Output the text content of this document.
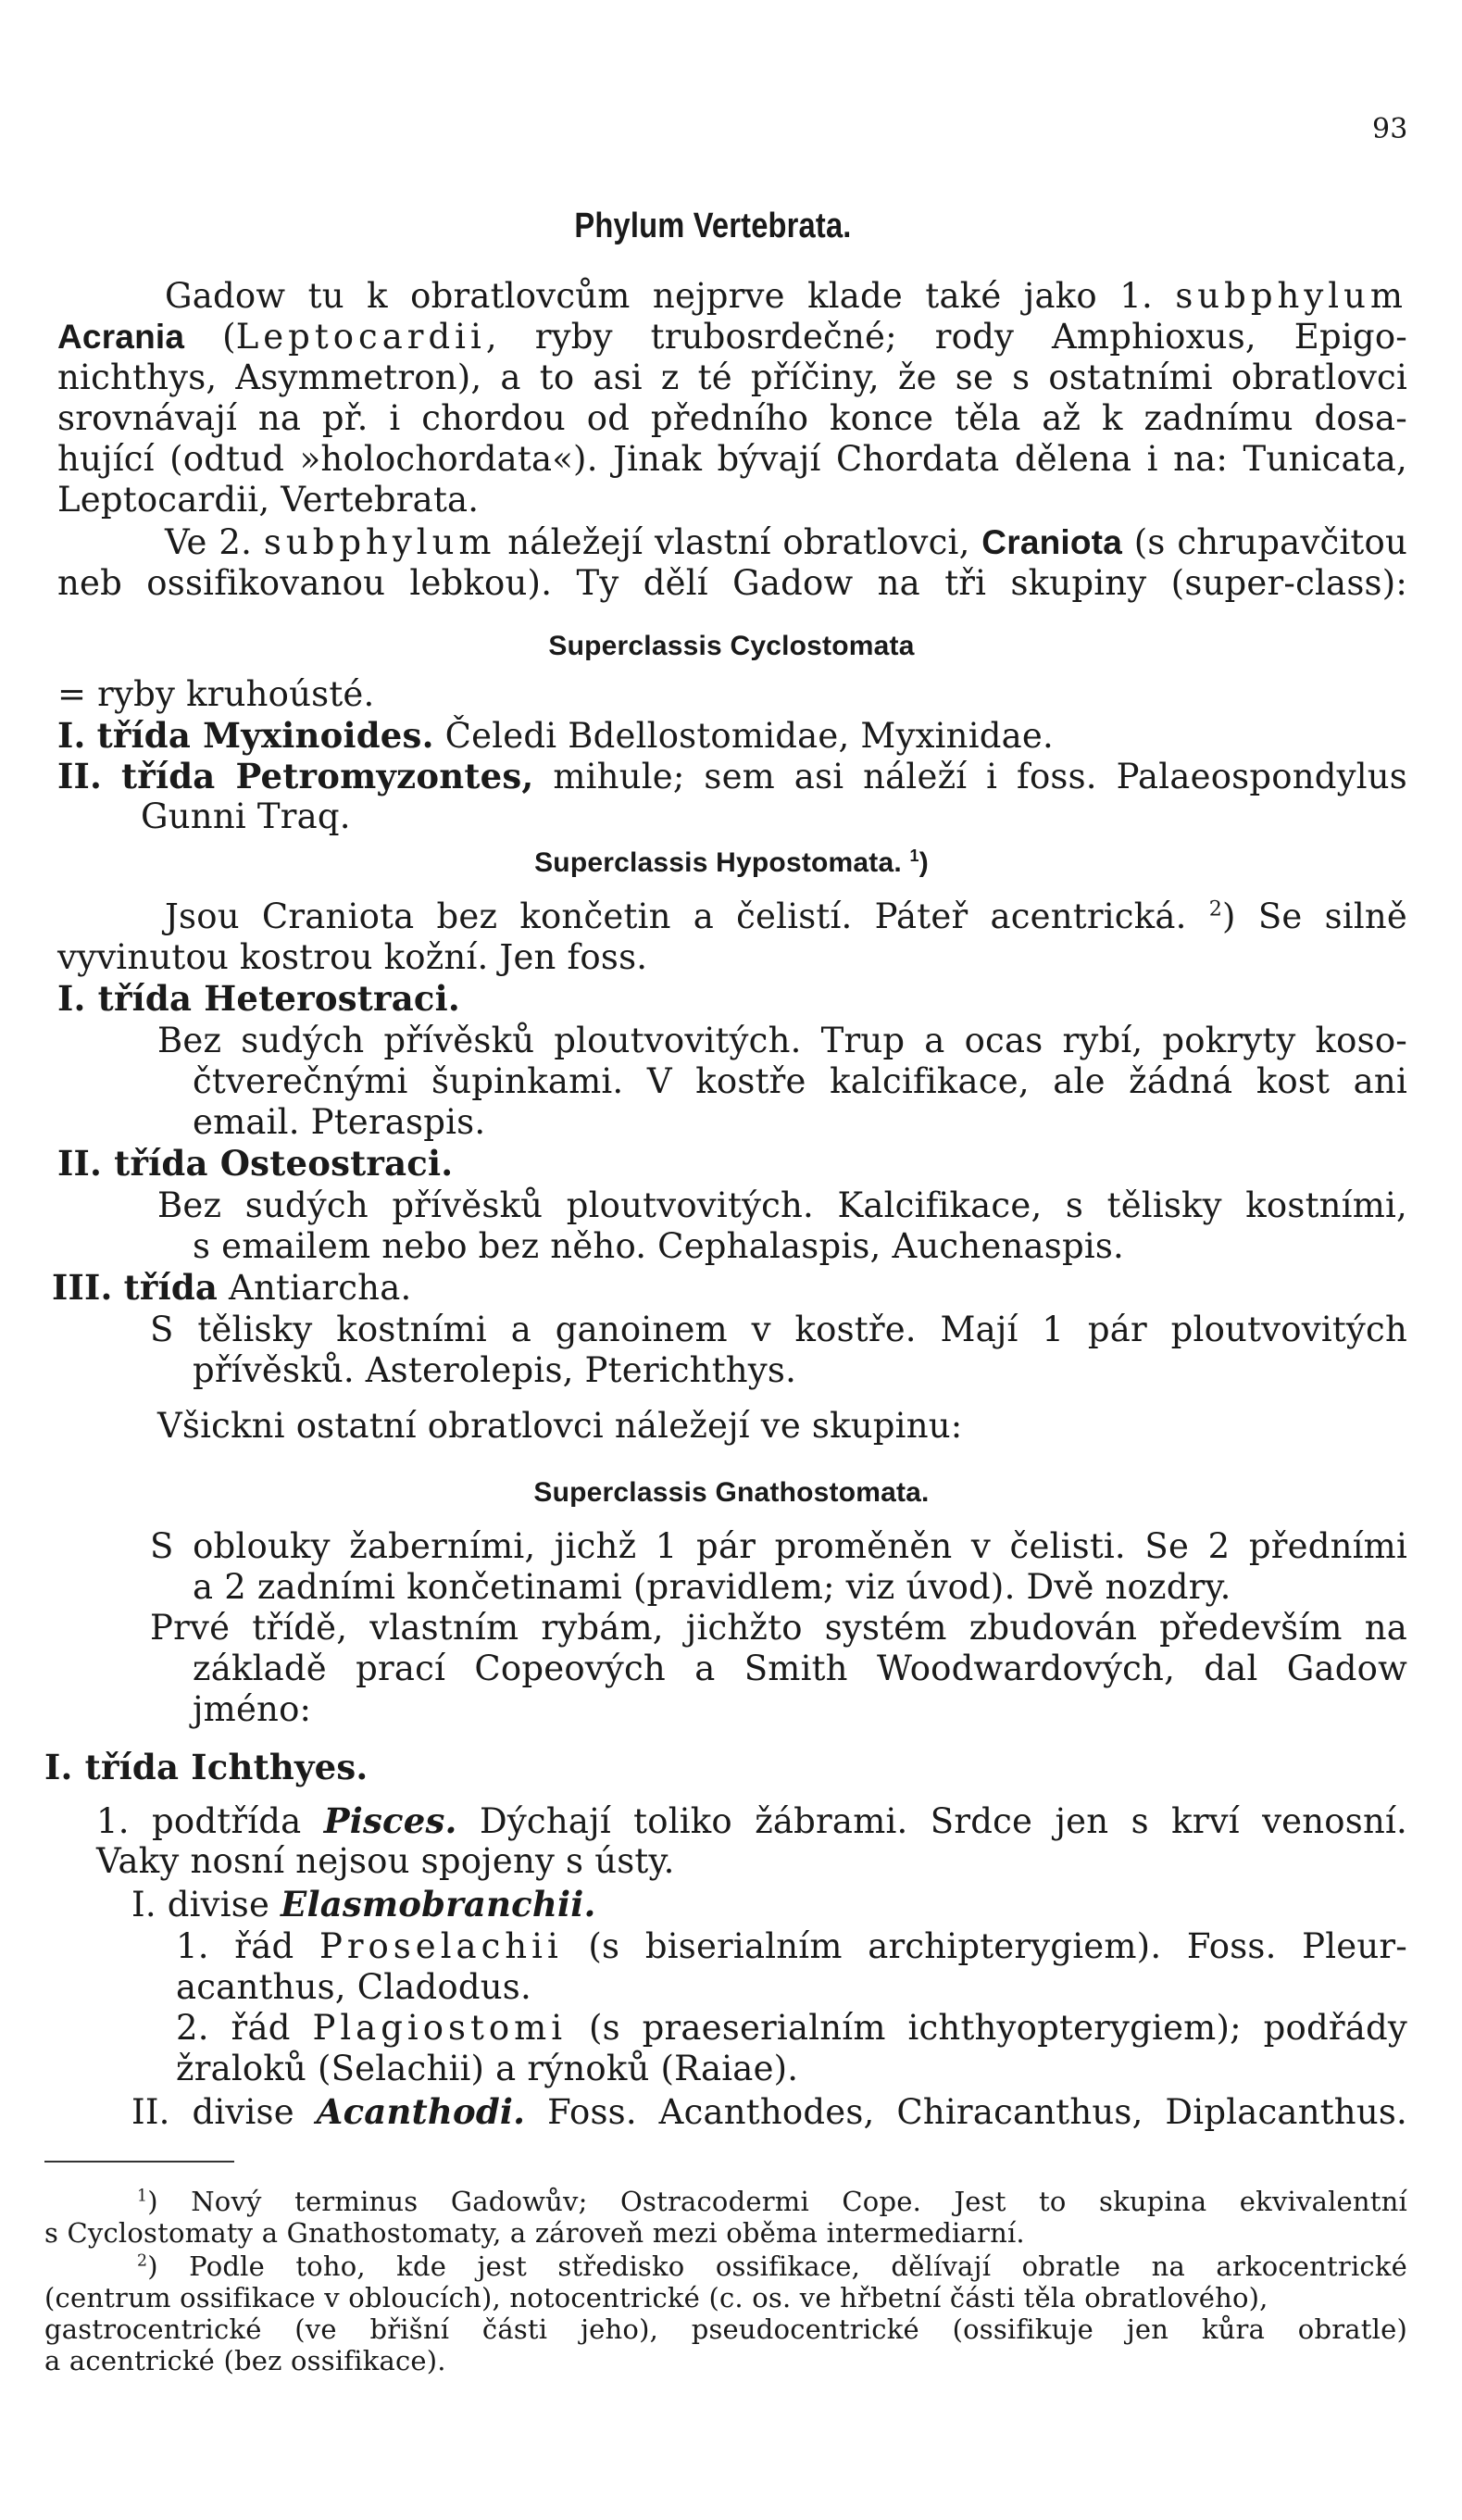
93
Phylum Vertebrata.
Gadow tu k obratlovcům nejprve klade také jako 1. subphylum
Acrania (Leptocardii, ryby trubosrdečné; rody Amphioxus, Epigo-
nichthys, Asymmetron), a to asi z té příčiny, že se s ostatními obratlovci
srovnávají na př. i chordou od předního konce těla až k zadnímu dosa-
hující (odtud »holochordata«). Jinak bývají Chordata dělena i na: Tunicata,
Leptocardii, Vertebrata.
Ve 2. subphylum náležejí vlastní obratlovci, Craniota (s chrupavčitou
neb ossifikovanou lebkou). Ty dělí Gadow na tři skupiny (super-class):
Superclassis Cyclostomata
= ryby kruhoústé.
I. třída Myxinoides. Čeledi Bdellostomidae, Myxinidae.
II. třída Petromyzontes, mihule; sem asi náleží i foss. Palaeospondylus
Gunni Traq.
Superclassis Hypostomata. $^1$)
Jsou Craniota bez končetin a čelistí. Páteř acentrická. $^2$) Se silně
vyvinutou kostrou kožní. Jen foss.
I. třída Heterostraci.
Bez sudých přívěsků ploutvovitých. Trup a ocas rybí, pokryty koso-
čtverečnými šupinkami. V kostře kalcifikace, ale žádná kost ani
email. Pteraspis.
II. třída Osteostraci.
Bez sudých přívěsků ploutvovitých. Kalcifikace, s tělisky kostními,
s emailem nebo bez něho. Cephalaspis, Auchenaspis.
III. třída Antiarcha.
S tělisky kostními a ganoinem v kostře. Mají 1 pár ploutvovitých
přívěsků. Asterolepis, Pterichthys.
Všickni ostatní obratlovci náležejí ve skupinu:
Superclassis Gnathostomata.
S oblouky žaberními, jichž 1 pár proměněn v čelisti. Se 2 předními
a 2 zadními končetinami (pravidlem; viz úvod). Dvě nozdry.
Prvé třídě, vlastním rybám, jichžto systém zbudován především na
základě prací Copeových a Smith Woodwardových, dal Gadow
jméno:
I. třída Ichthyes.
1. podtřída Pisces. Dýchají toliko žábrami. Srdce jen s krví venosní.
Vaky nosní nejsou spojeny s ústy.
I. divise Elasmobranchii.
1. řád Proselachii (s biserialním archipterygiem). Foss. Pleur-
acanthus, Cladodus.
2. řád Plagiostomi (s praeserialním ichthyopterygiem); podřády
žraloků (Selachii) a rýnoků (Raiae).
II. divise Acanthodi. Foss. Acanthodes, Chiracanthus, Diplacanthus.
$^1$) Nový terminus Gadowův; Ostracodermi Cope. Jest to skupina ekvivalentní
s Cyclostomaty a Gnathostomaty, a zároveň mezi oběma intermediarní.
$^2$) Podle toho, kde jest středisko ossifikace, dělívají obratle na arkocentrické
(centrum ossifikace v obloucích), notocentrické (c. os. ve hřbetní části těla obratlového),
gastrocentrické (ve břišní části jeho), pseudocentrické (ossifikuje jen kůra obratle)
a acentrické (bez ossifikace).
